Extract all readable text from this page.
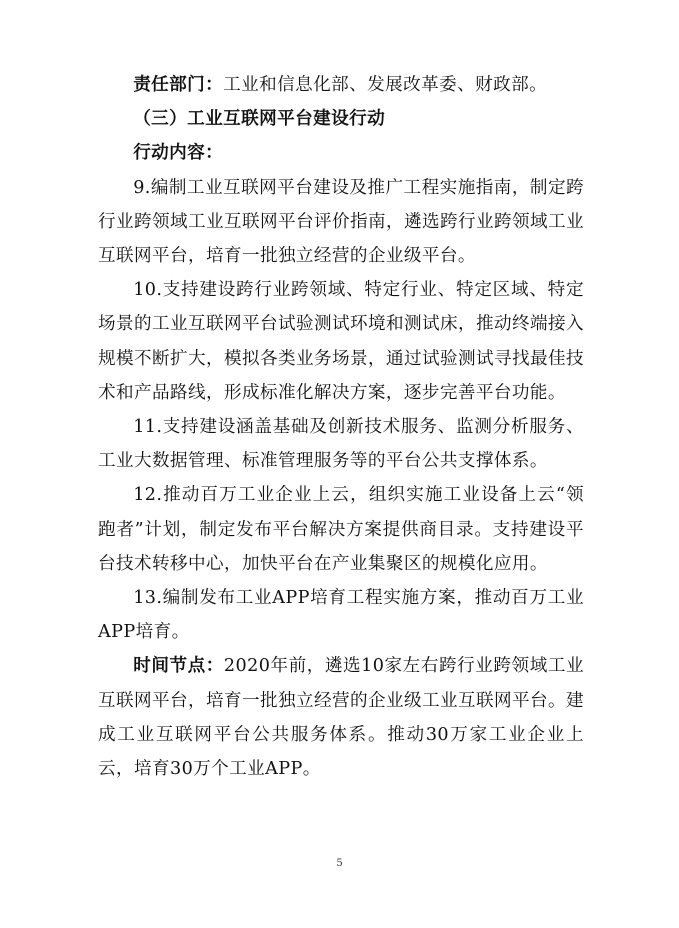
责任部门：工业和信息化部、发展改革委、财政部。

（三）工业互联网平台建设行动

行动内容：

9.编制工业互联网平台建设及推广工程实施指南，制定跨行业跨领域工业互联网平台评价指南，遴选跨行业跨领域工业互联网平台，培育一批独立经营的企业级平台。

10.支持建设跨行业跨领域、特定行业、特定区域、特定场景的工业互联网平台试验测试环境和测试床，推动终端接入规模不断扩大，模拟各类业务场景，通过试验测试寻找最佳技术和产品路线，形成标准化解决方案，逐步完善平台功能。

11.支持建设涵盖基础及创新技术服务、监测分析服务、工业大数据管理、标准管理服务等的平台公共支撑体系。

12.推动百万工业企业上云，组织实施工业设备上云“领跑者”计划，制定发布平台解决方案提供商目录。支持建设平台技术转移中心，加快平台在产业集聚区的规模化应用。

13.编制发布工业APP培育工程实施方案，推动百万工业APP培育。

时间节点：2020年前，遴选10家左右跨行业跨领域工业互联网平台，培育一批独立经营的企业级工业互联网平台。建成工业互联网平台公共服务体系。推动30万家工业企业上云，培育30万个工业APP。

5
